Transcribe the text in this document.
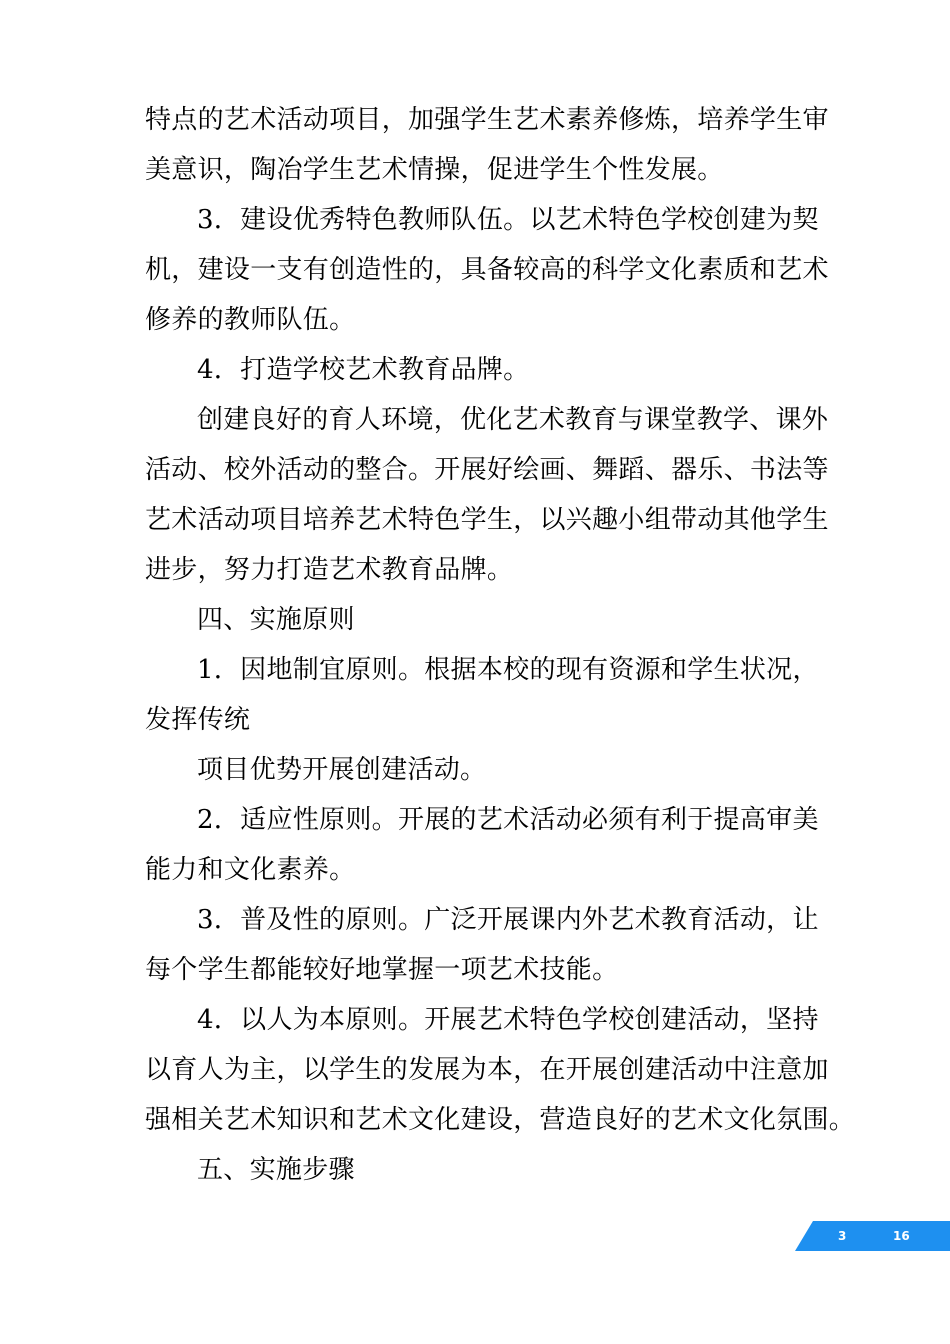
特点的艺术活动项目，加强学生艺术素养修炼，培养学生审
美意识，陶冶学生艺术情操，促进学生个性发展。
3．建设优秀特色教师队伍。以艺术特色学校创建为契
机，建设一支有创造性的，具备较高的科学文化素质和艺术
修养的教师队伍。
4．打造学校艺术教育品牌。
创建良好的育人环境，优化艺术教育与课堂教学、课外
活动、校外活动的整合。开展好绘画、舞蹈、器乐、书法等
艺术活动项目培养艺术特色学生，以兴趣小组带动其他学生
进步，努力打造艺术教育品牌。
四、实施原则
1．因地制宜原则。根据本校的现有资源和学生状况，
发挥传统
项目优势开展创建活动。
2．适应性原则。开展的艺术活动必须有利于提高审美
能力和文化素养。
3．普及性的原则。广泛开展课内外艺术教育活动，让
每个学生都能较好地掌握一项艺术技能。
4．以人为本原则。开展艺术特色学校创建活动，坚持
以育人为主，以学生的发展为本，在开展创建活动中注意加
强相关艺术知识和艺术文化建设，营造良好的艺术文化氛围。
五、实施步骤
3	16
